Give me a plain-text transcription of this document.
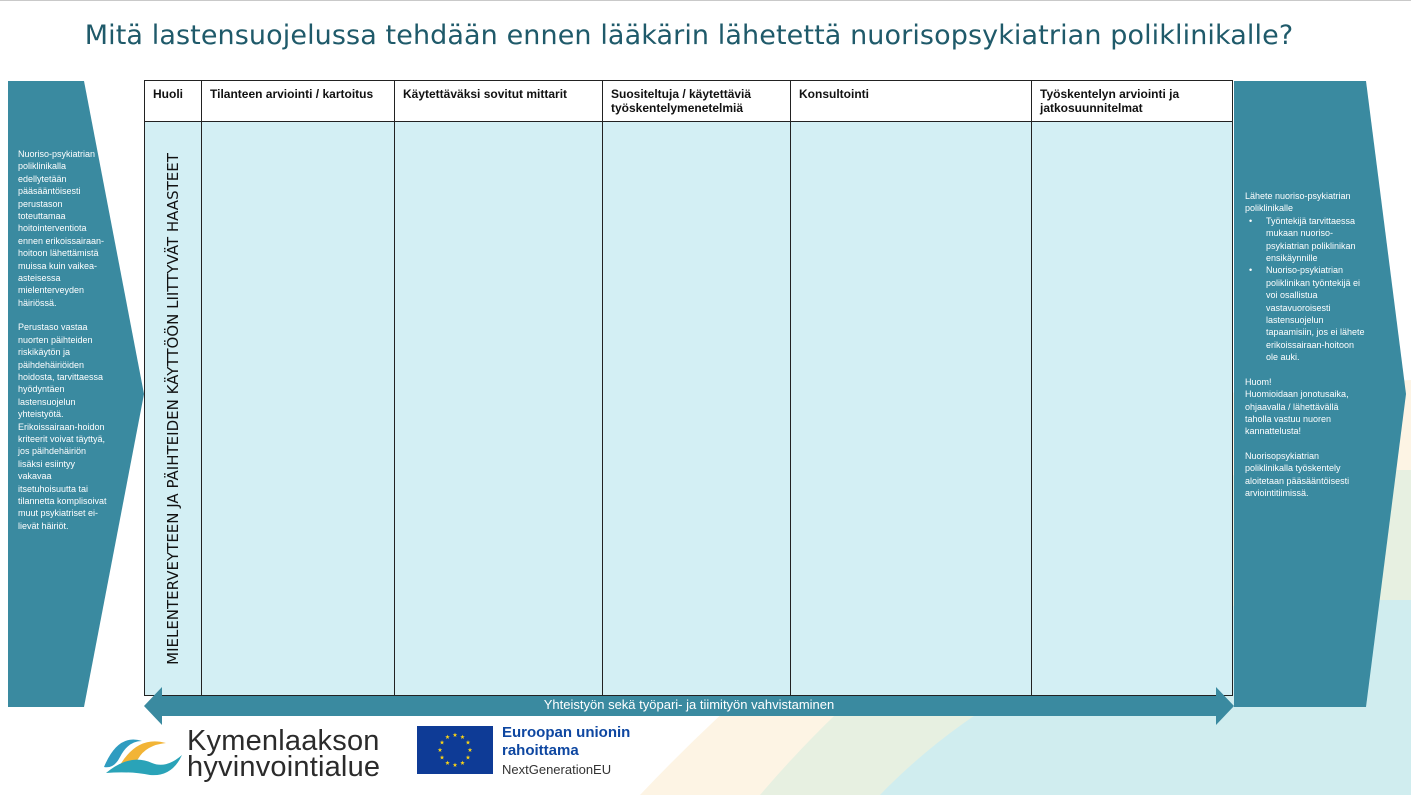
Mitä lastensuojelussa tehdään ennen lääkärin lähetettä nuorisopsykiatrian poliklinikalle?

Nuoriso-psykiatrian poliklinikalla edellytetään pääsääntöisesti perustason toteuttamaa hoitointerventiota ennen erikoissairaan-hoitoon lähettämistä muissa kuin vaikea-asteisessa mielenterveyden häiriössä.

Perustaso vastaa nuorten päihteiden riskikäytön ja päihdehäiriöiden hoidosta, tarvittaessa hyödyntäen lastensuojelun yhteistyötä. Erikoissairaan-hoidon kriteerit voivat täyttyä, jos päihdehäiriön lisäksi esiintyy vakavaa itsetuhoisuutta tai tilannetta komplisoivat muut psykiatriset ei-lievät häiriöt.

Lähete nuoriso-psykiatrian poliklinikalle
• Työntekijä tarvittaessa mukaan nuoriso-psykiatrian poliklinikan ensikäynnille
• Nuoriso-psykiatrian poliklinikan työntekijä ei voi osallistua vastavuoroisesti lastensuojelun tapaamisiin, jos ei lähete erikoissairaan-hoitoon ole auki.
Huom!
Huomioidaan jonotusaika, ohjaavalla / lähettävällä taholla vastuu nuoren kannattelusta!
Nuorisopsykiatrian poliklinikalla työskentely aloitetaan pääsääntöisesti arviointitiimissä.
Huoli	Tilanteen arviointi / kartoitus	Käytettäväksi sovitut mittarit	Suositeltuja / käytettäviä työskentelymenetelmiä	Konsultointi	Työskentelyn arviointi ja jatkosuunnitelmat

MIELENTERVEYTEEN JA PÄIHTEIDEN KÄYTTÖÖN LIITTYVÄT HAASTEET					

Yhteistyön sekä työpari- ja tiimityön vahvistaminen
Kymenlaakson
hyvinvointialue
Euroopan unionin
rahoittama
NextGenerationEU
